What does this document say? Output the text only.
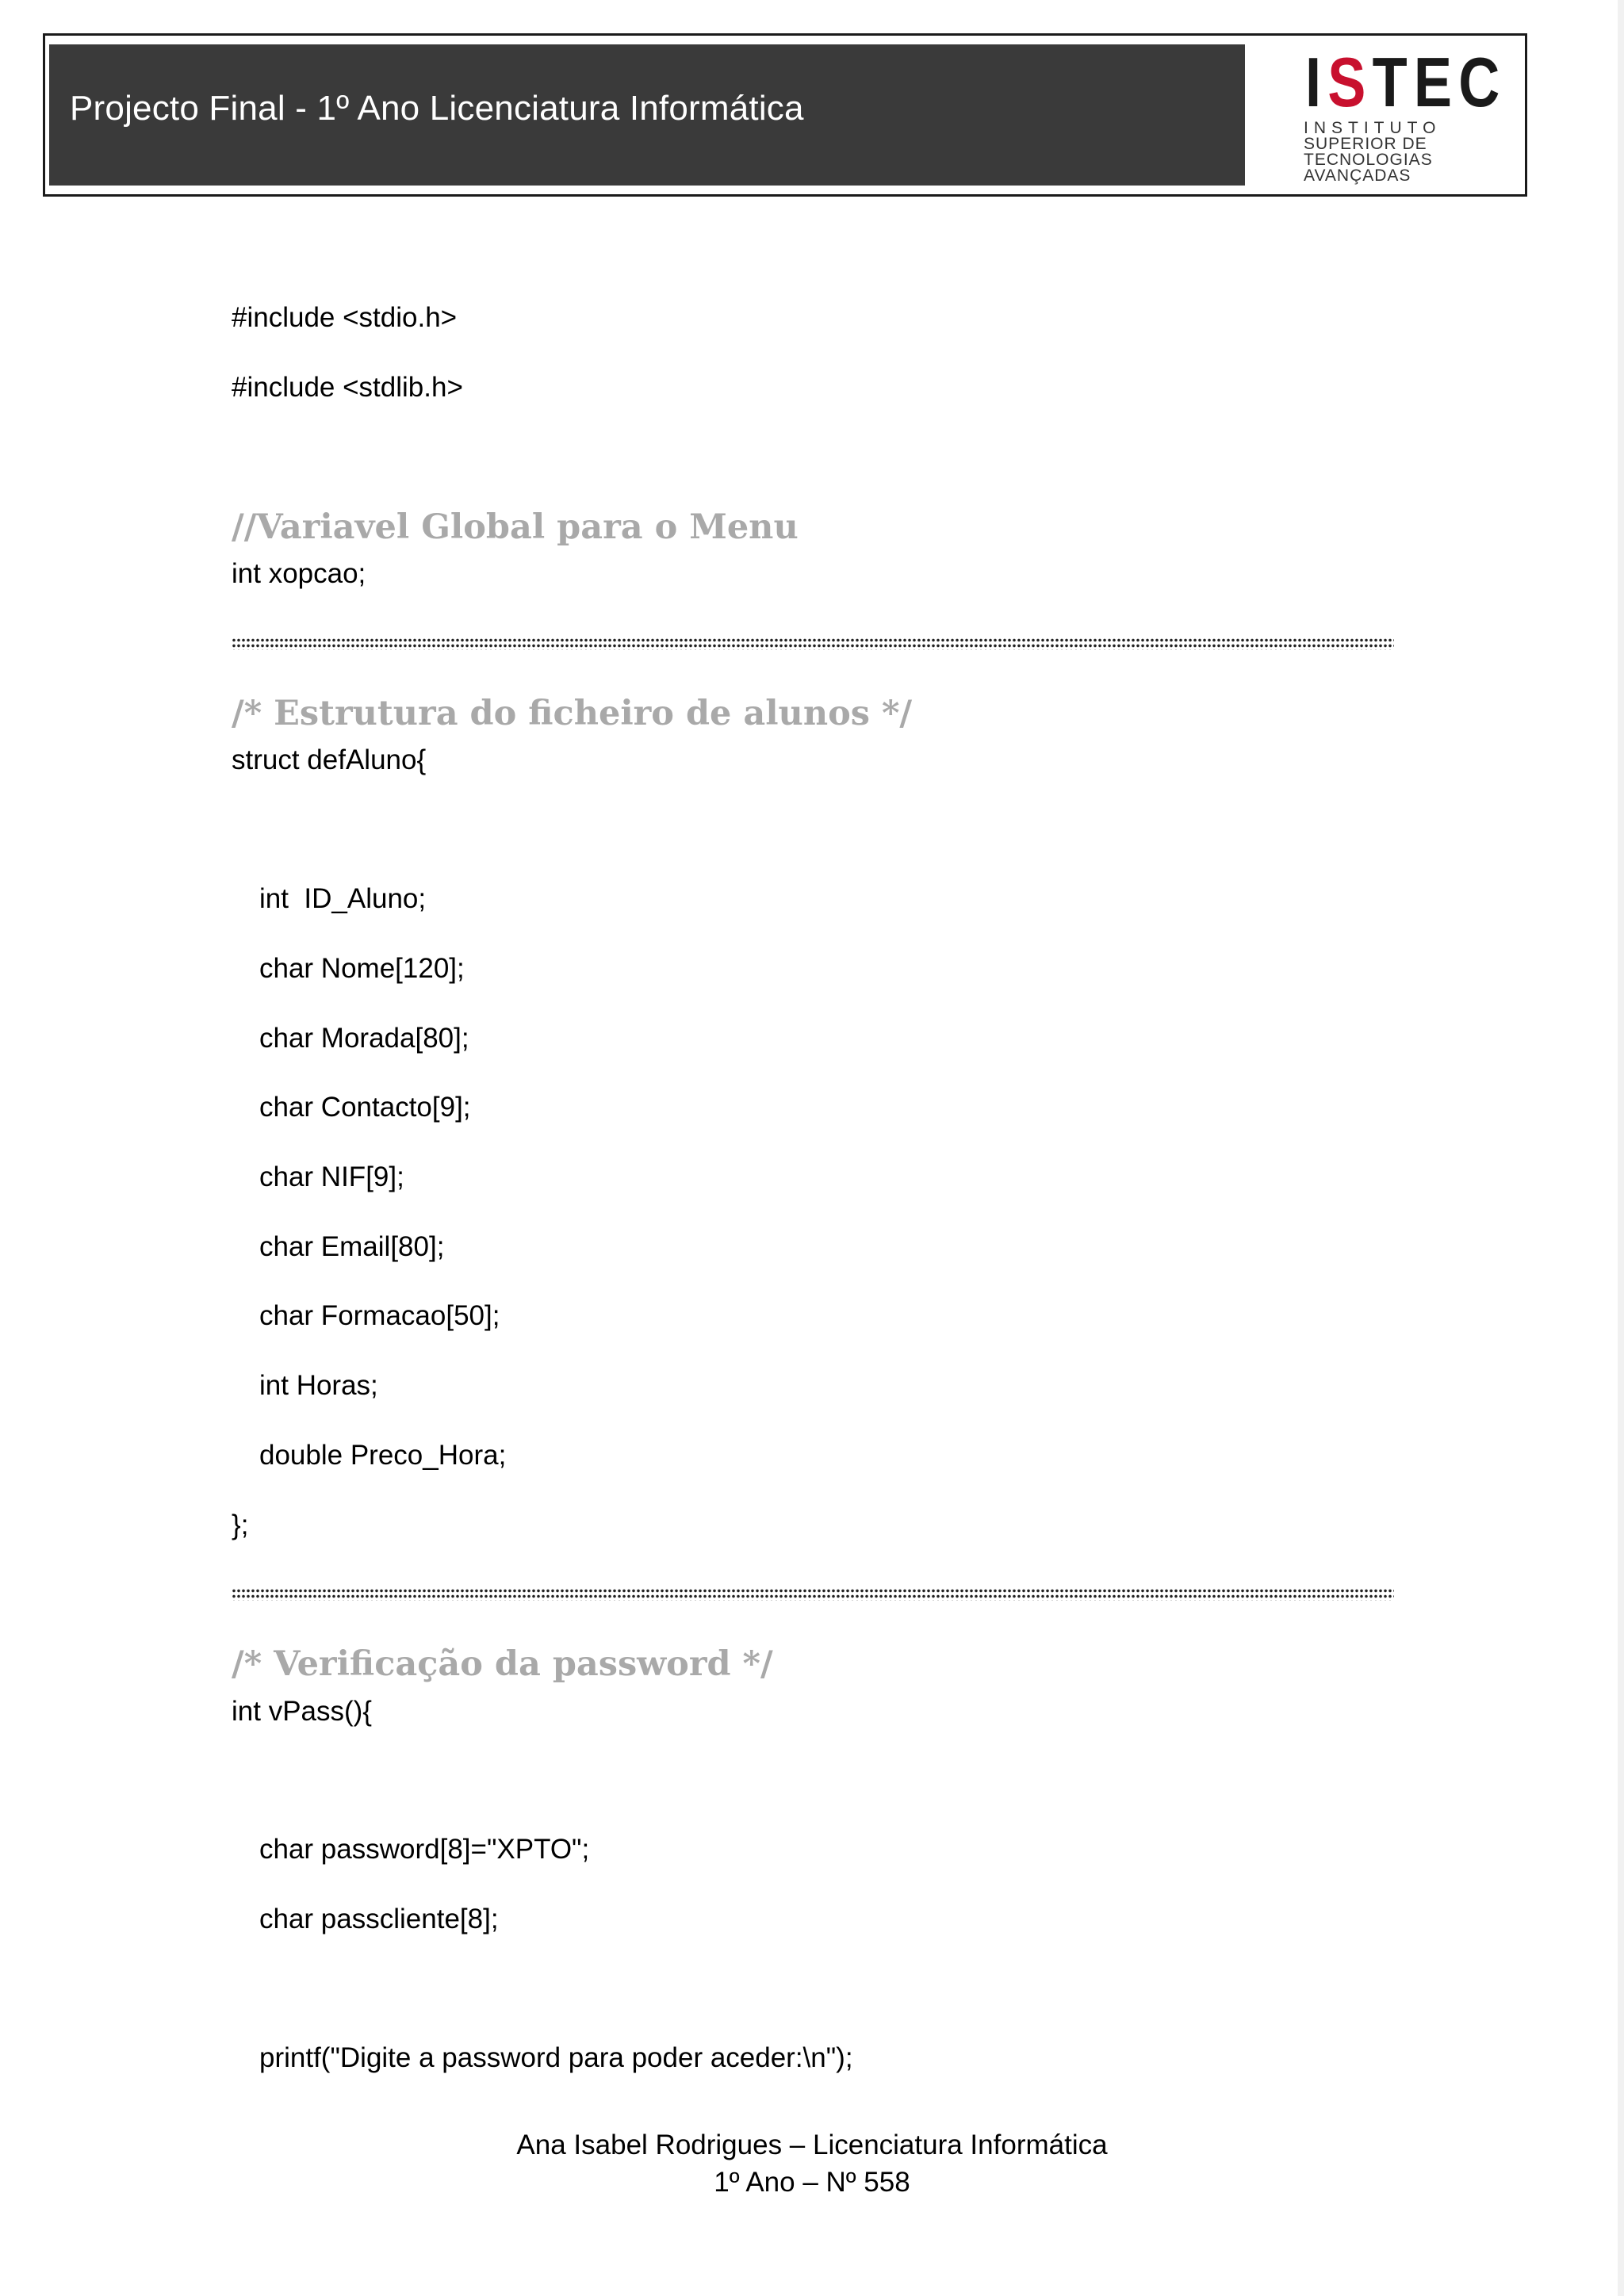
Projecto Final - 1º Ano Licenciatura Informática	ISTEC
INSTITUTO
SUPERIOR DE
TECNOLOGIAS
AVANÇADAS
#include <stdio.h>
#include <stdlib.h>
//Variavel Global para o Menu
int xopcao;
/* Estrutura do ficheiro de alunos */
struct defAluno{
int  ID_Aluno;
char Nome[120];
char Morada[80];
char Contacto[9];
char NIF[9];
char Email[80];
char Formacao[50];
int Horas;
double Preco_Hora;
};
/* Verificação da password */
int vPass(){
char password[8]="XPTO";
char passcliente[8];
printf("Digite a password para poder aceder:\n");
Ana Isabel Rodrigues – Licenciatura Informática
1º Ano – Nº 558
